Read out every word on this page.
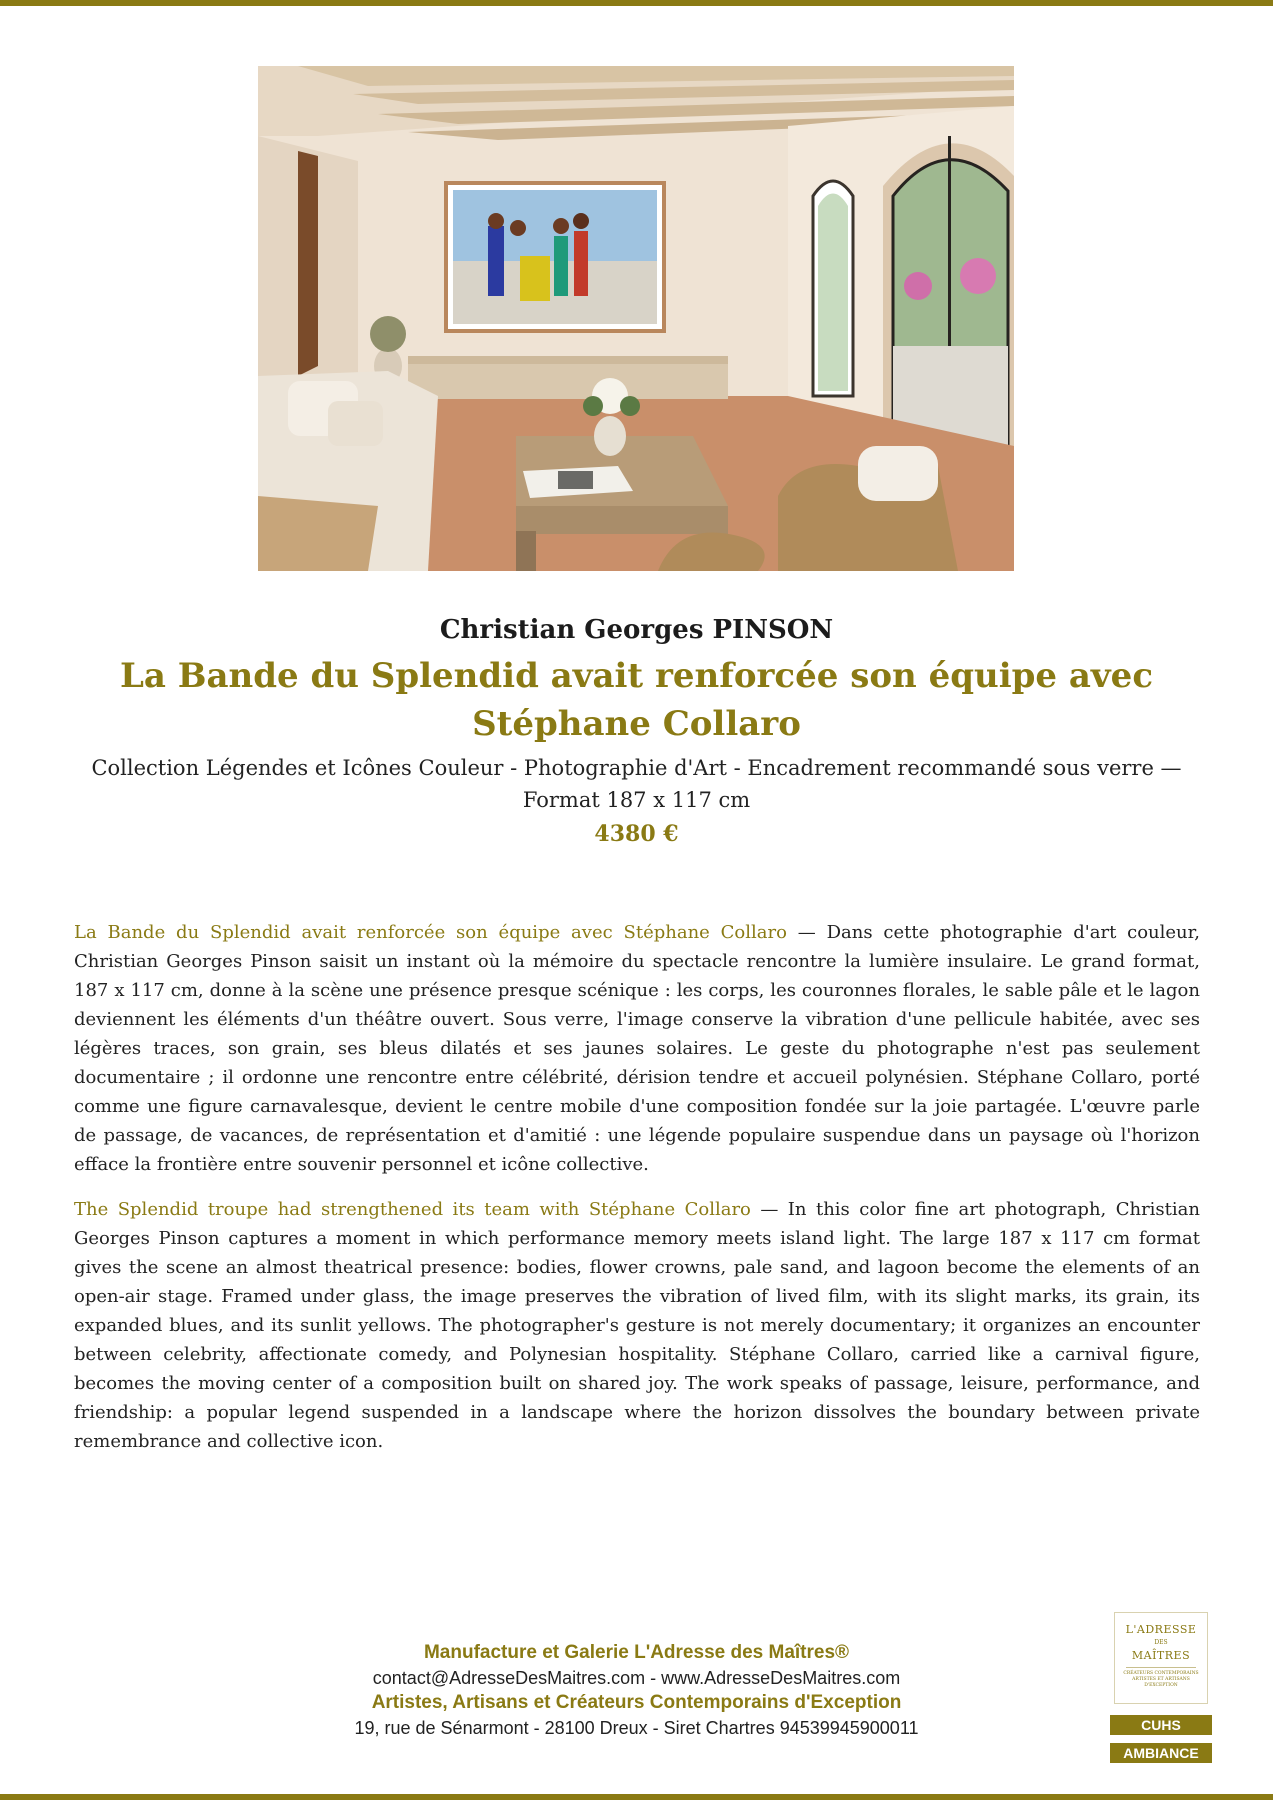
Christian Georges PINSON
La Bande du Splendid avait renforcée son équipe avec Stéphane Collaro
Collection Légendes et Icônes Couleur - Photographie d'Art - Encadrement recommandé sous verre — Format 187 x 117 cm
4380 €

La Bande du Splendid avait renforcée son équipe avec Stéphane Collaro — Dans cette photographie d'art couleur, Christian Georges Pinson saisit un instant où la mémoire du spectacle rencontre la lumière insulaire. Le grand format, 187 x 117 cm, donne à la scène une présence presque scénique : les corps, les couronnes florales, le sable pâle et le lagon deviennent les éléments d'un théâtre ouvert. Sous verre, l'image conserve la vibration d'une pellicule habitée, avec ses légères traces, son grain, ses bleus dilatés et ses jaunes solaires. Le geste du photographe n'est pas seulement documentaire ; il ordonne une rencontre entre célébrité, dérision tendre et accueil polynésien. Stéphane Collaro, porté comme une figure carnavalesque, devient le centre mobile d'une composition fondée sur la joie partagée. L'œuvre parle de passage, de vacances, de représentation et d'amitié : une légende populaire suspendue dans un paysage où l'horizon efface la frontière entre souvenir personnel et icône collective.

The Splendid troupe had strengthened its team with Stéphane Collaro — In this color fine art photograph, Christian Georges Pinson captures a moment in which performance memory meets island light. The large 187 x 117 cm format gives the scene an almost theatrical presence: bodies, flower crowns, pale sand, and lagoon become the elements of an open-air stage. Framed under glass, the image preserves the vibration of lived film, with its slight marks, its grain, its expanded blues, and its sunlit yellows. The photographer's gesture is not merely documentary; it organizes an encounter between celebrity, affectionate comedy, and Polynesian hospitality. Stéphane Collaro, carried like a carnival figure, becomes the moving center of a composition built on shared joy. The work speaks of passage, leisure, performance, and friendship: a popular legend suspended in a landscape where the horizon dissolves the boundary between private remembrance and collective icon.

Manufacture et Galerie L'Adresse des Maîtres®
contact@AdresseDesMaitres.com - www.AdresseDesMaitres.com
Artistes, Artisans et Créateurs Contemporains d'Exception
19, rue de Sénarmont - 28100 Dreux - Siret Chartres 94539945900011
L'ADRESSE
DES
MAÎTRES
CRÉATEURS CONTEMPORAINS ARTISTES ET ARTISANS D'EXCEPTION
CUHS
AMBIANCE
